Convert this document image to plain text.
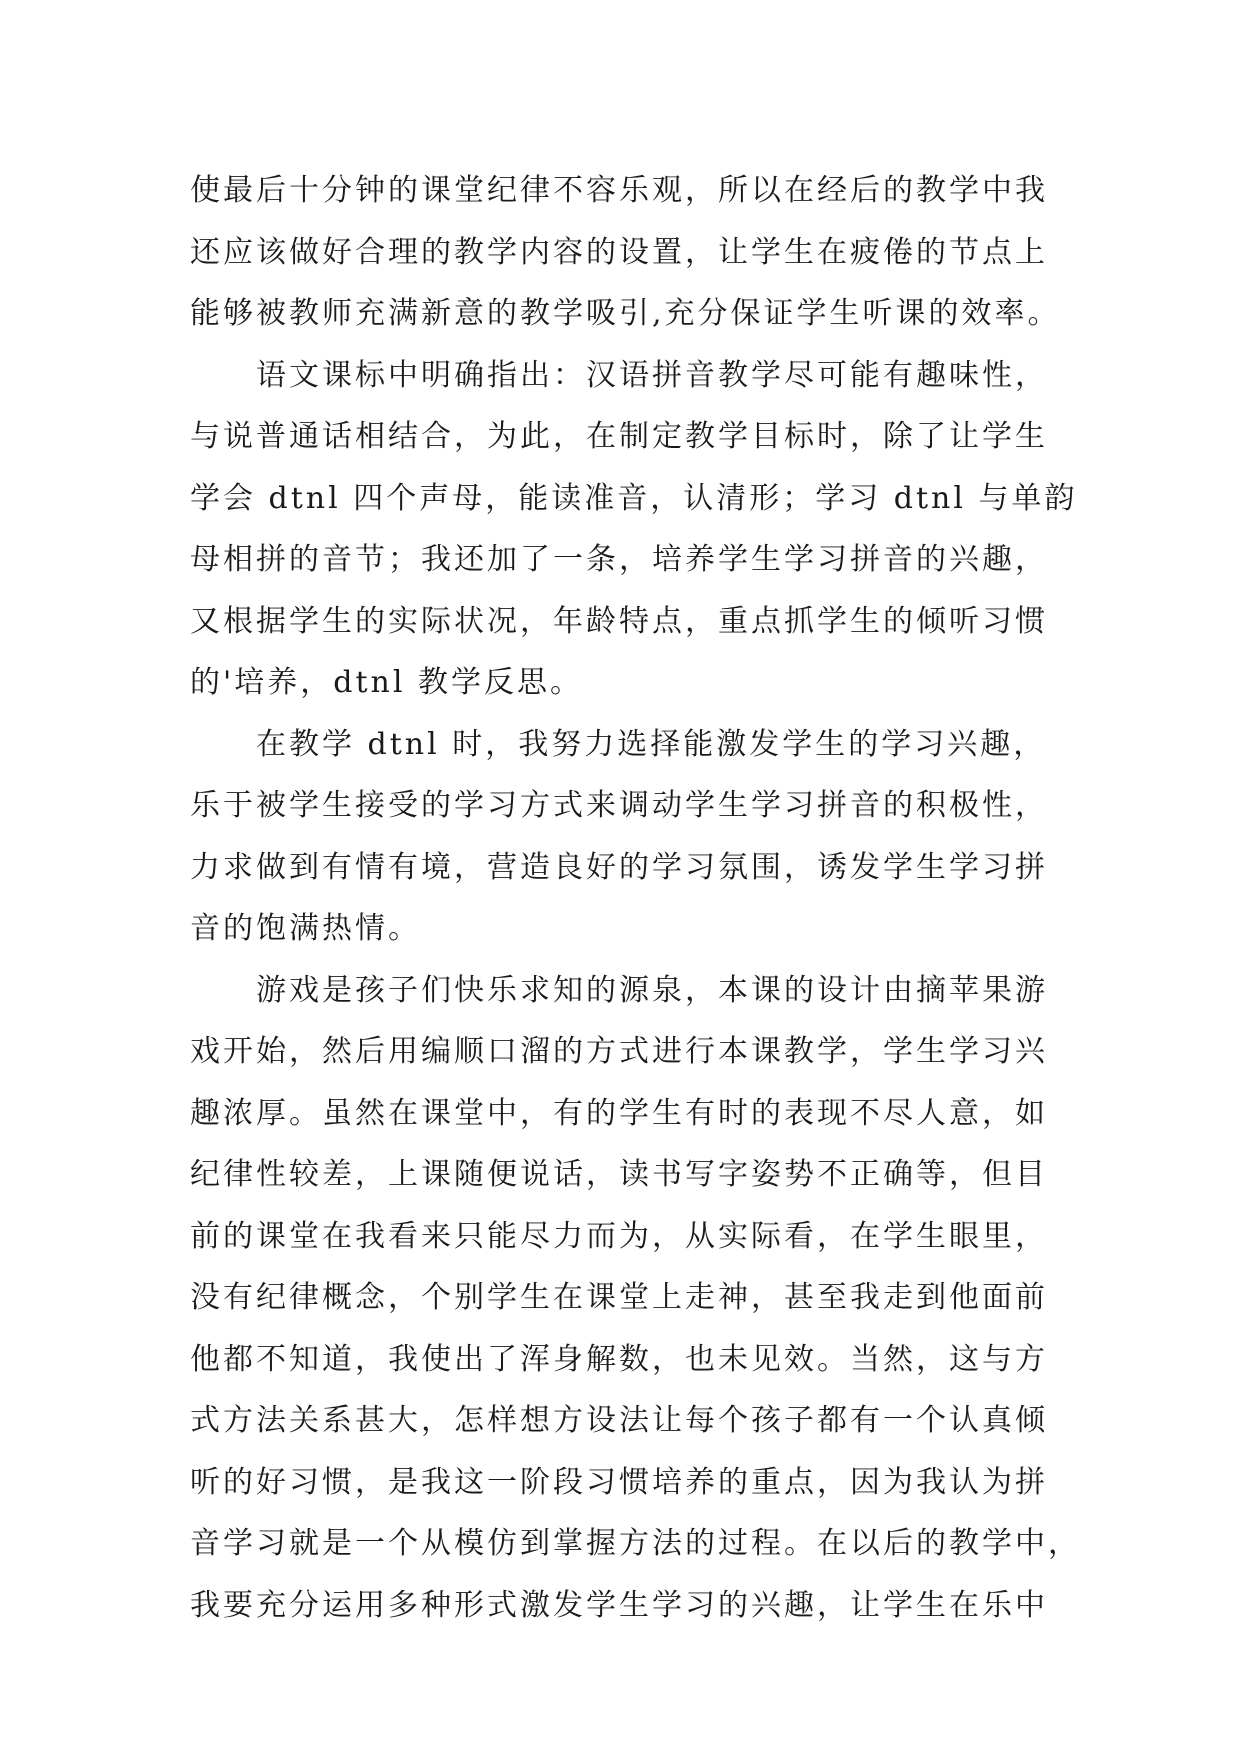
使最后十分钟的课堂纪律不容乐观，所以在经后的教学中我
还应该做好合理的教学内容的设置，让学生在疲倦的节点上
能够被教师充满新意的教学吸引,充分保证学生听课的效率。
语文课标中明确指出：汉语拼音教学尽可能有趣味性，
与说普通话相结合，为此，在制定教学目标时，除了让学生
学会 dtnl 四个声母，能读准音，认清形；学习 dtnl 与单韵
母相拼的音节；我还加了一条，培养学生学习拼音的兴趣，
又根据学生的实际状况，年龄特点，重点抓学生的倾听习惯
的'培养，dtnl 教学反思。
在教学 dtnl 时，我努力选择能激发学生的学习兴趣，
乐于被学生接受的学习方式来调动学生学习拼音的积极性，
力求做到有情有境，营造良好的学习氛围，诱发学生学习拼
音的饱满热情。
游戏是孩子们快乐求知的源泉，本课的设计由摘苹果游
戏开始，然后用编顺口溜的方式进行本课教学，学生学习兴
趣浓厚。虽然在课堂中，有的学生有时的表现不尽人意，如
纪律性较差，上课随便说话，读书写字姿势不正确等，但目
前的课堂在我看来只能尽力而为，从实际看，在学生眼里，
没有纪律概念，个别学生在课堂上走神，甚至我走到他面前
他都不知道，我使出了浑身解数，也未见效。当然，这与方
式方法关系甚大，怎样想方设法让每个孩子都有一个认真倾
听的好习惯，是我这一阶段习惯培养的重点，因为我认为拼
音学习就是一个从模仿到掌握方法的过程。在以后的教学中，
我要充分运用多种形式激发学生学习的兴趣，让学生在乐中
